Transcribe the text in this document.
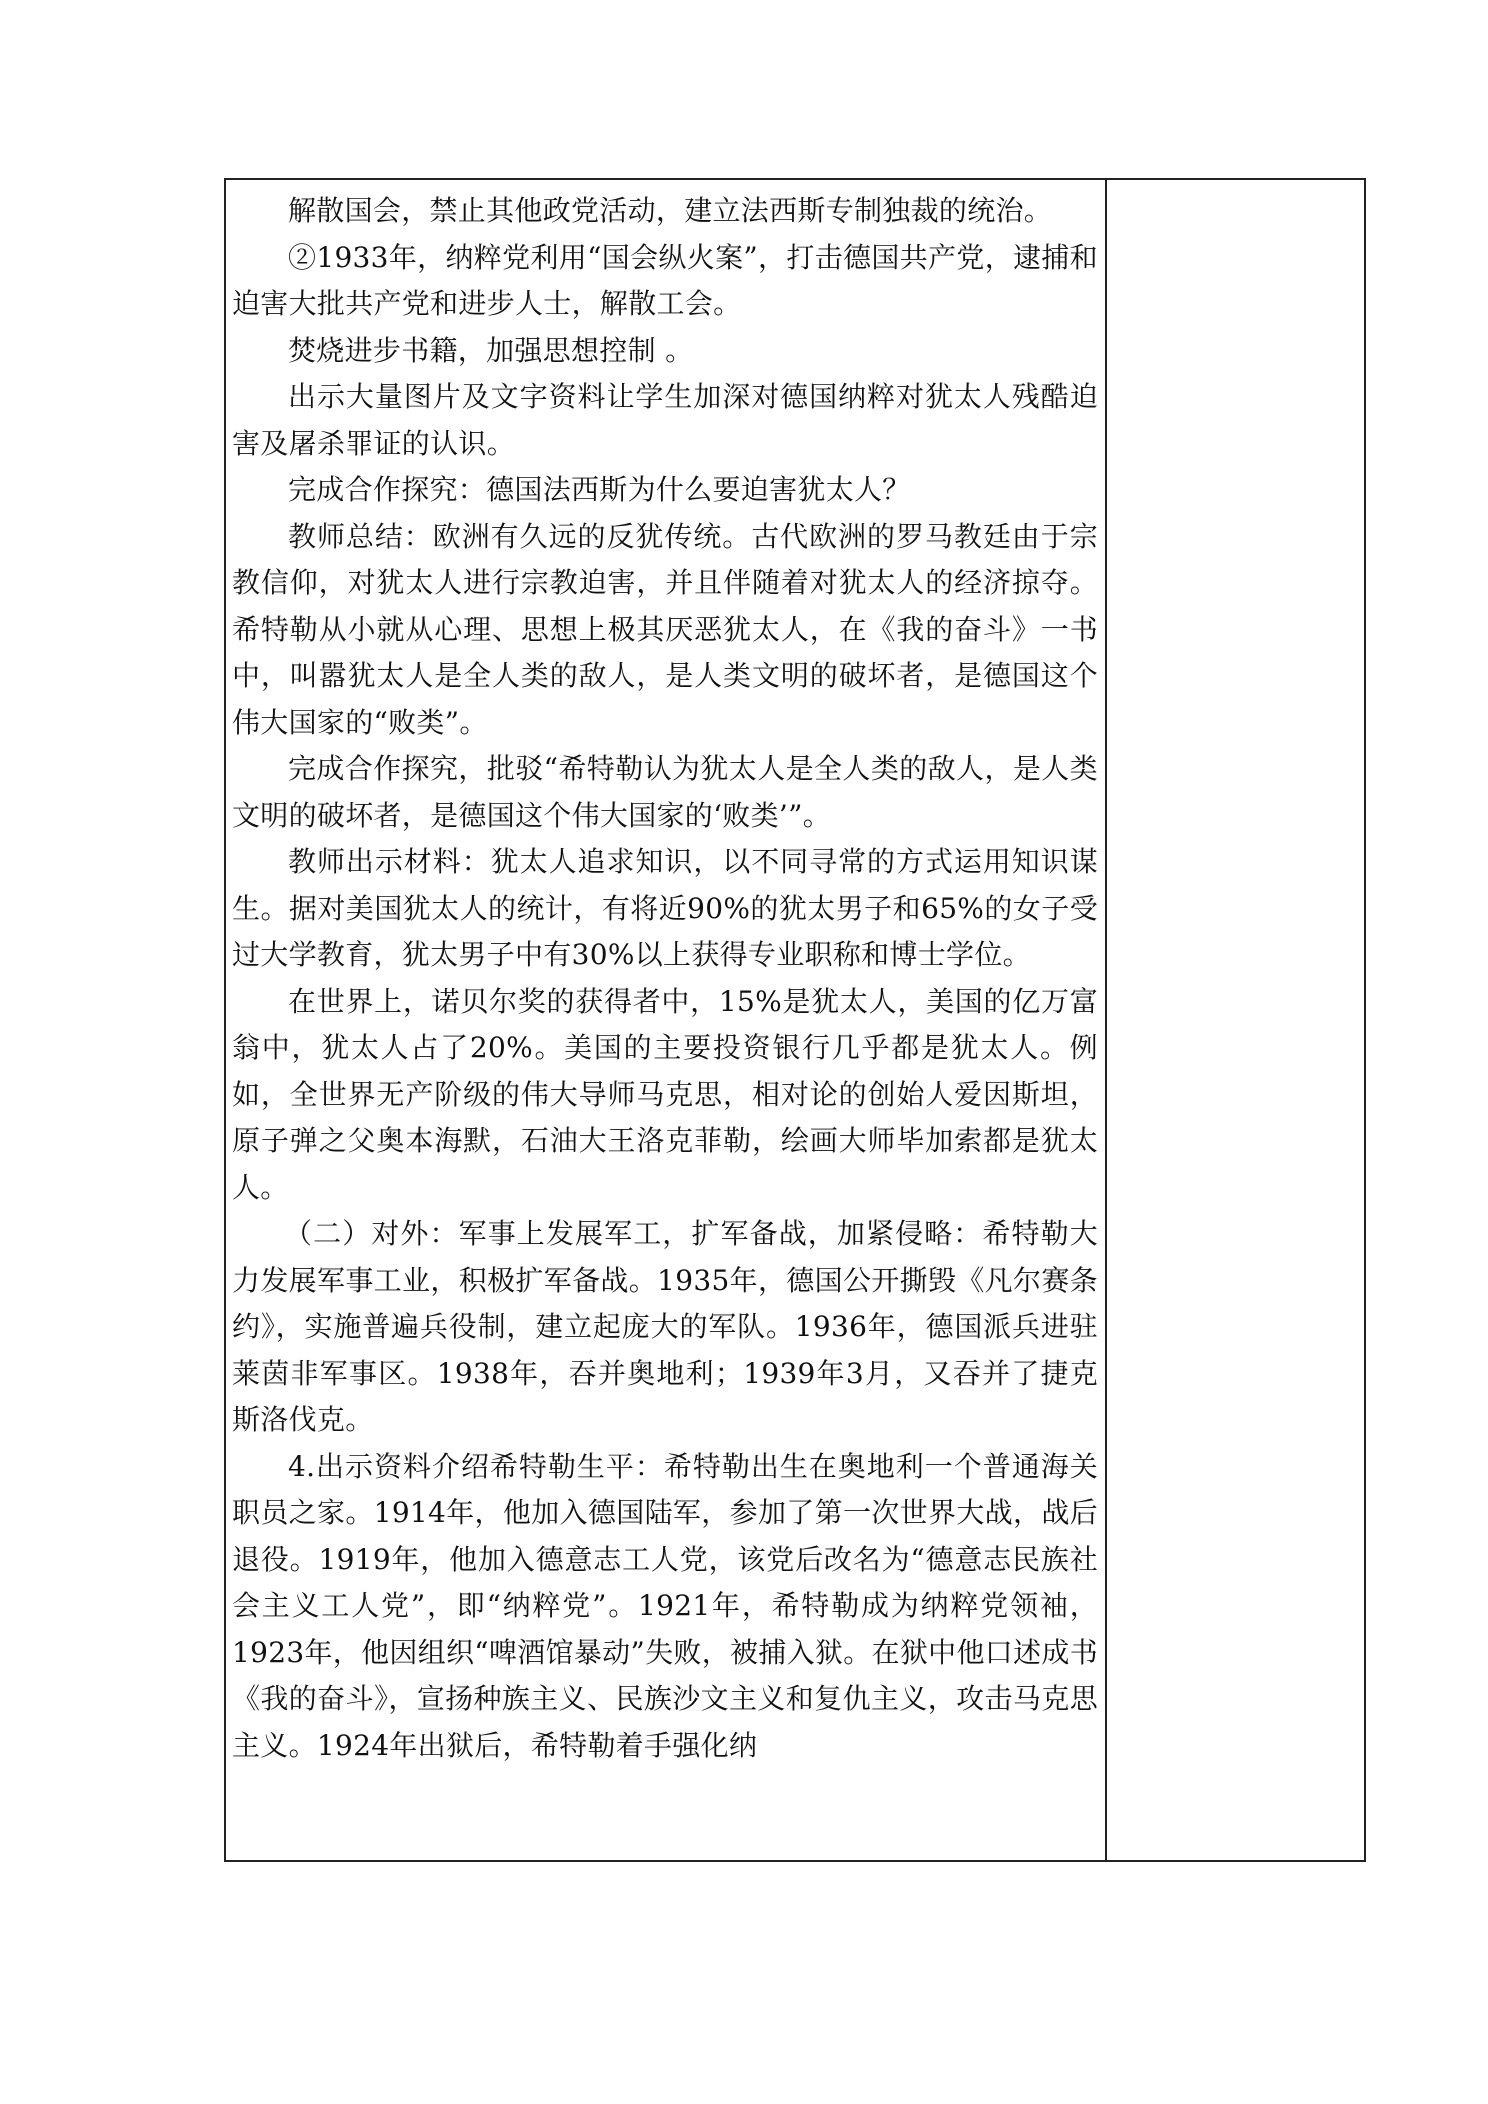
解散国会，禁止其他政党活动，建立法西斯专制独裁的统治。

②1933年，纳粹党利用“国会纵火案”，打击德国共产党，逮捕和迫害大批共产党和进步人士，解散工会。

焚烧进步书籍，加强思想控制 。

出示大量图片及文字资料让学生加深对德国纳粹对犹太人残酷迫害及屠杀罪证的认识。

完成合作探究：德国法西斯为什么要迫害犹太人？

教师总结：欧洲有久远的反犹传统。古代欧洲的罗马教廷由于宗教信仰，对犹太人进行宗教迫害，并且伴随着对犹太人的经济掠夺。希特勒从小就从心理、思想上极其厌恶犹太人，在《我的奋斗》一书中，叫嚣犹太人是全人类的敌人，是人类文明的破坏者，是德国这个伟大国家的“败类”。

完成合作探究，批驳“希特勒认为犹太人是全人类的敌人，是人类文明的破坏者，是德国这个伟大国家的‘败类’”。

教师出示材料：犹太人追求知识，以不同寻常的方式运用知识谋生。据对美国犹太人的统计，有将近90%的犹太男子和65%的女子受过大学教育，犹太男子中有30%以上获得专业职称和博士学位。

在世界上，诺贝尔奖的获得者中，15%是犹太人，美国的亿万富翁中，犹太人占了20%。美国的主要投资银行几乎都是犹太人。例如，全世界无产阶级的伟大导师马克思，相对论的创始人爱因斯坦，原子弹之父奥本海默，石油大王洛克菲勒，绘画大师毕加索都是犹太人。

（二）对外：军事上发展军工，扩军备战，加紧侵略：希特勒大力发展军事工业，积极扩军备战。1935年，德国公开撕毁《凡尔赛条约》，实施普遍兵役制，建立起庞大的军队。1936年，德国派兵进驻莱茵非军事区。1938年，吞并奥地利；1939年3月，又吞并了捷克斯洛伐克。

4.出示资料介绍希特勒生平：希特勒出生在奥地利一个普通海关职员之家。1914年，他加入德国陆军，参加了第一次世界大战，战后退役。1919年，他加入德意志工人党，该党后改名为“德意志民族社会主义工人党”，即“纳粹党”。1921年，希特勒成为纳粹党领袖，1923年，他因组织“啤酒馆暴动”失败，被捕入狱。在狱中他口述成书《我的奋斗》，宣扬种族主义、民族沙文主义和复仇主义，攻击马克思主义。1924年出狱后，希特勒着手强化纳
